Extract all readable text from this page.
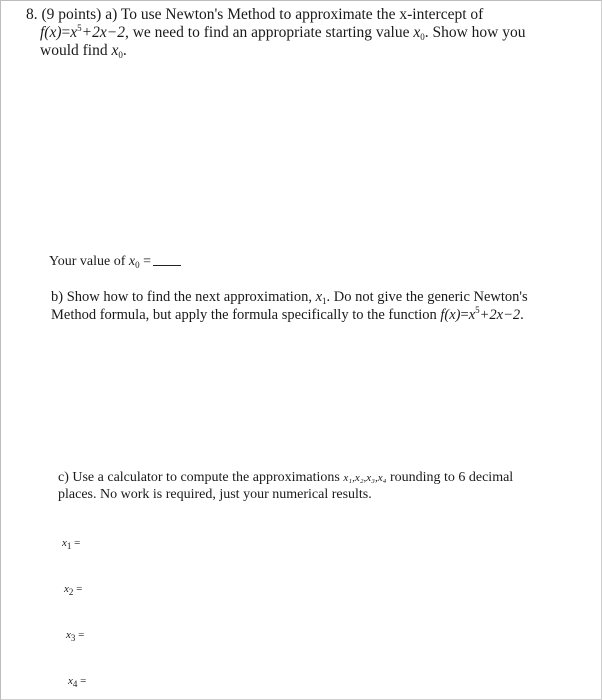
8. (9 points) a) To use Newton's Method to approximate the x-intercept of
$f(x)=x^5+2x-2$, we need to find an appropriate starting value $x_0$. Show how you
would find $x_0$.
Your value of $x_0$ =
b) Show how to find the next approximation, $x_1$. Do not give the generic Newton's
Method formula, but apply the formula specifically to the function $f(x)=x^5+2x-2$.
c) Use a calculator to compute the approximations x₁,x₂,x₃,x₄ rounding to 6 decimal
places. No work is required, just your numerical results.
$x_1$ =
$x_2$ =
$x_3$ =
$x_4$ =
